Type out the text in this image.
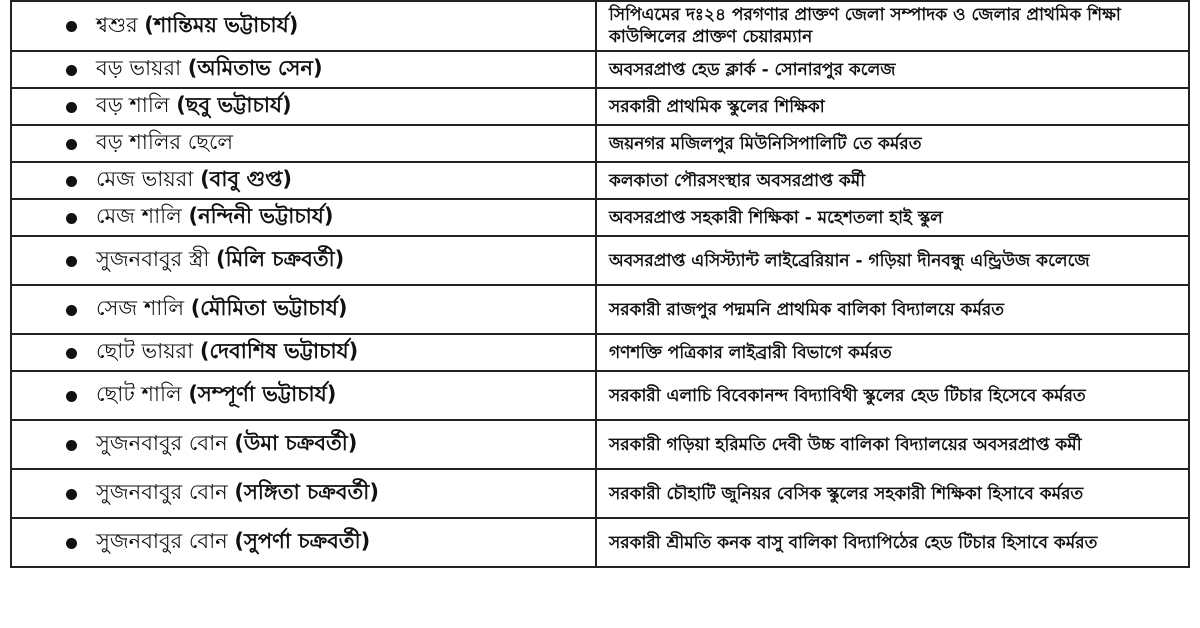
শ্বশুর (শান্তিময় ভট্টাচার্য)	সিপিএমের দঃ২৪ পরগণার প্রাক্তণ জেলা সম্পাদক ও জেলার প্রাথমিক শিক্ষা কাউন্সিলের প্রাক্তণ চেয়ারম্যান

বড় ভায়রা (অমিতাভ সেন)	অবসরপ্রাপ্ত হেড ক্লার্ক - সোনারপুর কলেজ

বড় শালি (ছবু ভট্টাচার্য)	সরকারী প্রাথমিক স্কুলের শিক্ষিকা

বড় শালির ছেলে	জয়নগর মজিলপুর মিউনিসিপালিটি তে কর্মরত

মেজ ভায়রা (বাবু গুপ্ত)	কলকাতা পৌরসংস্থার অবসরপ্রাপ্ত কর্মী

মেজ শালি (নন্দিনী ভট্টাচার্য)	অবসরপ্রাপ্ত সহকারী শিক্ষিকা - মহেশতলা হাই স্কুল

সুজনবাবুর স্ত্রী (মিলি চক্রবর্তী)	অবসরপ্রাপ্ত এসিস্ট্যান্ট লাইব্রেরিয়ান - গড়িয়া দীনবন্ধু এন্ড্রিউজ কলেজে

সেজ শালি (মৌমিতা ভট্টাচার্য)	সরকারী রাজপুর পদ্মমনি প্রাথমিক বালিকা বিদ্যালয়ে কর্মরত

ছোট ভায়রা (দেবাশিষ ভট্টাচার্য)	গণশক্তি পত্রিকার লাইব্রারী বিভাগে কর্মরত

ছোট শালি (সম্পূর্ণা ভট্টাচার্য)	সরকারী এলাচি বিবেকানন্দ বিদ্যাবিথী স্কুলের হেড টিচার হিসেবে কর্মরত

সুজনবাবুর বোন (উমা চক্রবর্তী)	সরকারী গড়িয়া হরিমতি দেবী উচ্চ বালিকা বিদ্যালয়ের অবসরপ্রাপ্ত কর্মী

সুজনবাবুর বোন (সঙ্গিতা চক্রবর্তী)	সরকারী চৌহাটি জুনিয়র বেসিক স্কুলের সহকারী শিক্ষিকা হিসাবে কর্মরত

সুজনবাবুর বোন (সুপর্ণা চক্রবর্তী)	সরকারী শ্রীমতি কনক বাসু বালিকা বিদ্যাপিঠের হেড টিচার হিসাবে কর্মরত
